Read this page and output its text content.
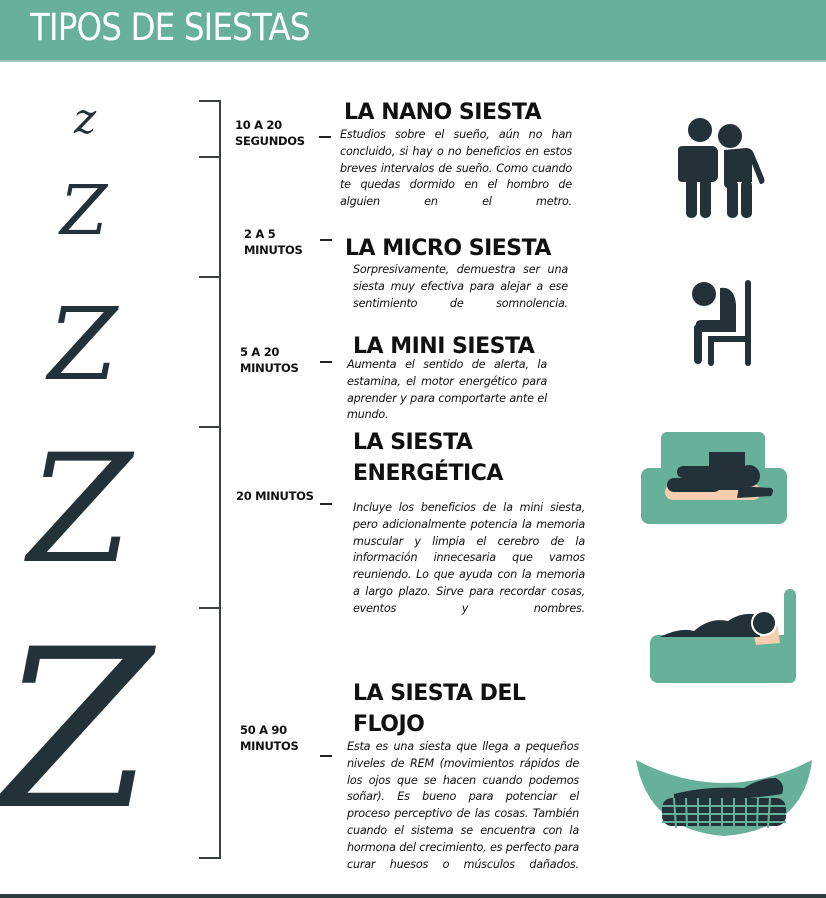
TIPOS DE SIESTAS
z
Z
Z
Z
Z
10 A 20
SEGUNDOS
LA NANO SIESTA
Estudios sobre el sueño, aún no han concluido, si hay o no beneficios en estos breves intervalos de sueño. Como cuando te quedas dormido en el hombro de alguien en el metro.
2 A 5
MINUTOS LA MICRO SIESTA
Sorpresivamente, demuestra ser una siesta muy efectiva para alejar a ese sentimiento de somnolencia.
5 A 20
MINUTOS
LA MINI SIESTA
Aumenta el sentido de alerta, la estamina, el motor energético para aprender y para comportarte ante el mundo.
20 MINUTOS
LA SIESTA
ENERGÉTICA
Incluye los beneficios de la mini siesta, pero adicionalmente potencia la memoria muscular y limpia el cerebro de la información innecesaria que vamos reuniendo. Lo que ayuda con la memoria a largo plazo. Sirve para recordar cosas, eventos y nombres.
50 A 90
MINUTOS
LA SIESTA DEL
FLOJO
Esta es una siesta que llega a pequeños niveles de REM (movimientos rápidos de los ojos que se hacen cuando podemos soñar). Es bueno para potenciar el proceso perceptivo de las cosas. También cuando el sistema se encuentra con la hormona del crecimiento, es perfecto para curar huesos o músculos dañados.
